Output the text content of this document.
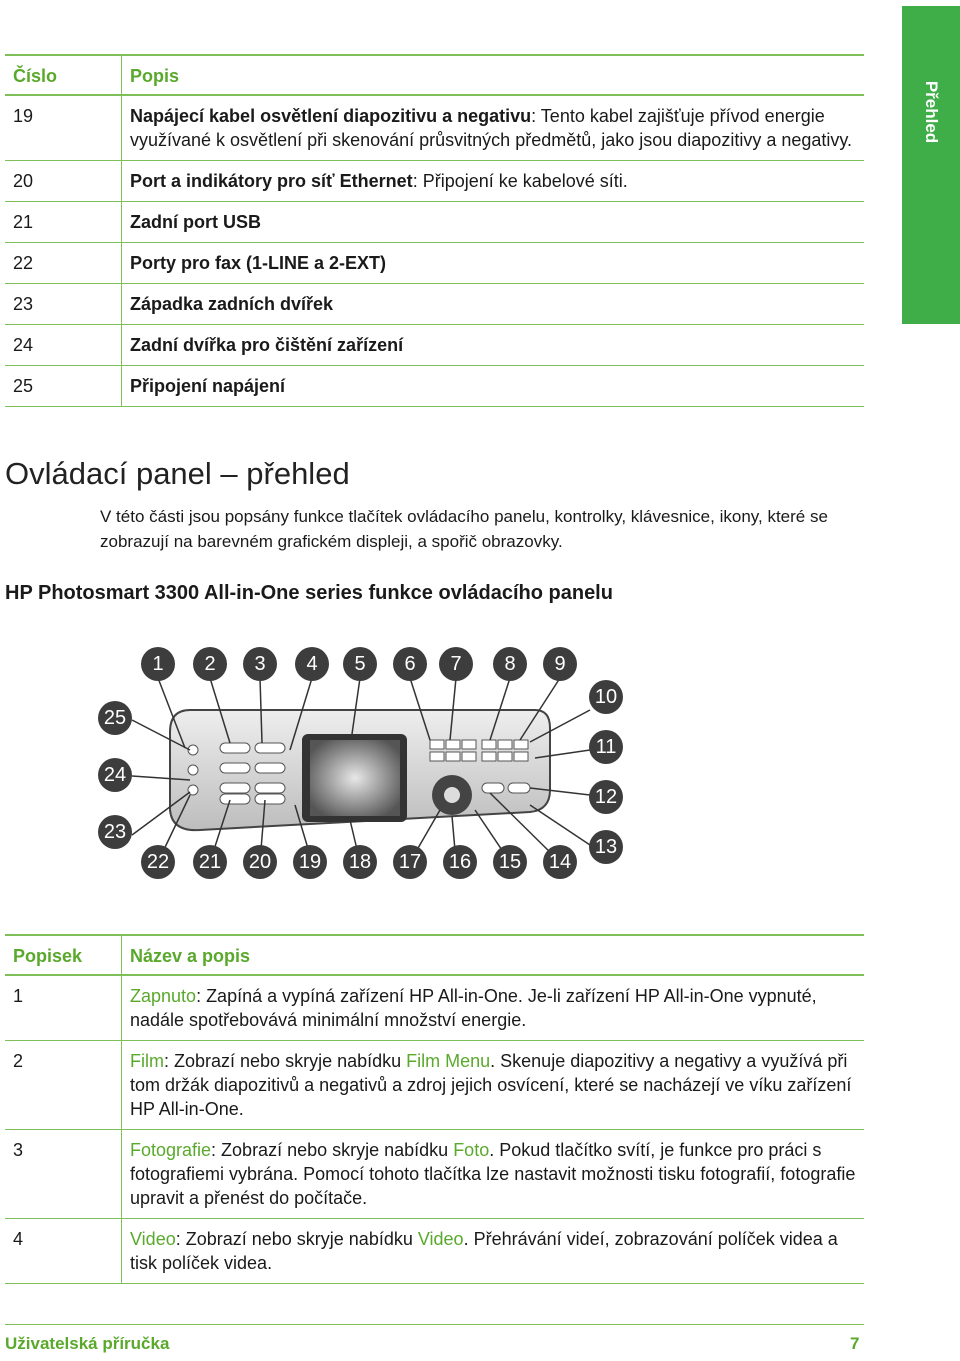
Přehled
Číslo	Popis
19	Napájecí kabel osvětlení diapozitivu a negativu: Tento kabel zajišťuje přívod energie využívané k osvětlení při skenování průsvitných předmětů, jako jsou diapozitivy a negativy.
20	Port a indikátory pro síť Ethernet: Připojení ke kabelové síti.
21	Zadní port USB
22	Porty pro fax (1-LINE a 2-EXT)
23	Západka zadních dvířek
24	Zadní dvířka pro čištění zařízení
25	Připojení napájení
Ovládací panel – přehled

V této části jsou popsány funkce tlačítek ovládacího panelu, kontrolky, klávesnice, ikony, které se zobrazují na barevném grafickém displeji, a spořič obrazovky.

HP Photosmart 3300 All-in-One series funkce ovládacího panelu
1	2	3	4	5	6	7	8	9
10
11
12
13
14
15
16
17
18
19
20
21
22
23
24
25
Popisek	Název a popis
1	Zapnuto: Zapíná a vypíná zařízení HP All-in-One. Je-li zařízení HP All-in-One vypnuté, nadále spotřebovává minimální množství energie.
2	Film: Zobrazí nebo skryje nabídku Film Menu. Skenuje diapozitivy a negativy a využívá při tom držák diapozitivů a negativů a zdroj jejich osvícení, které se nacházejí ve víku zařízení HP All-in-One.
3	Fotografie: Zobrazí nebo skryje nabídku Foto. Pokud tlačítko svítí, je funkce pro práci s fotografiemi vybrána. Pomocí tohoto tlačítka lze nastavit možnosti tisku fotografií, fotografie upravit a přenést do počítače.
4	Video: Zobrazí nebo skryje nabídku Video. Přehrávání videí, zobrazování políček videa a tisk políček videa.
Uživatelská příručka	7
